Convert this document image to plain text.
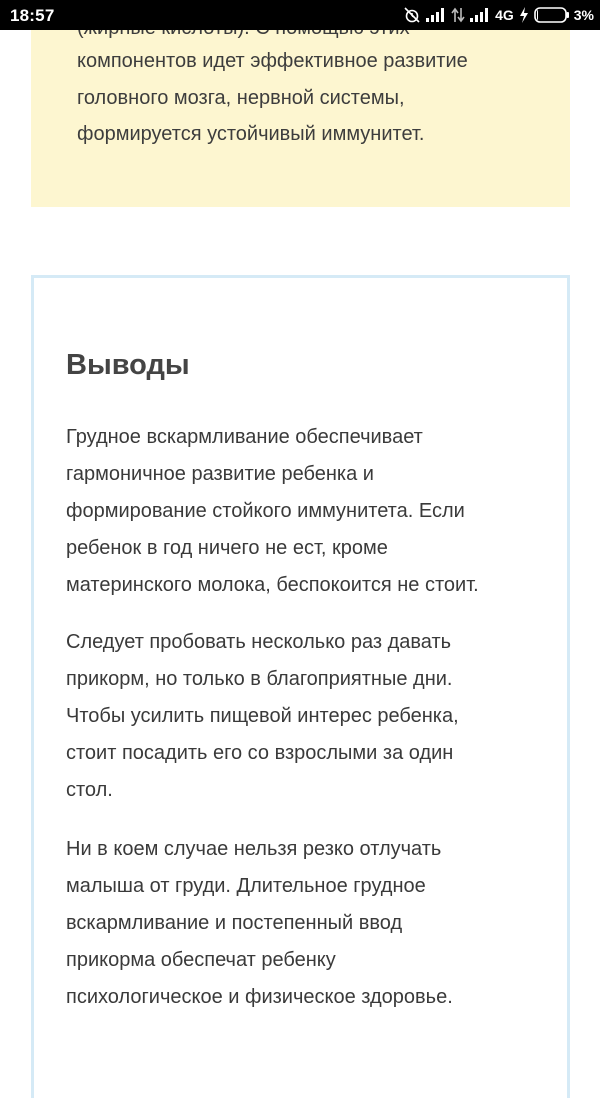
18:57	4G	3%
компонентов идет эффективное развитие
головного мозга, нервной системы,
формируется устойчивый иммунитет.
Выводы
Грудное вскармливание обеспечивает
гармоничное развитие ребенка и
формирование стойкого иммунитета. Если
ребенок в год ничего не ест, кроме
материнского молока, беспокоится не стоит.
Следует пробовать несколько раз давать
прикорм, но только в благоприятные дни.
Чтобы усилить пищевой интерес ребенка,
стоит посадить его со взрослыми за один
стол.
Ни в коем случае нельзя резко отлучать
малыша от груди. Длительное грудное
вскармливание и постепенный ввод
прикорма обеспечат ребенку
психологическое и физическое здоровье.
